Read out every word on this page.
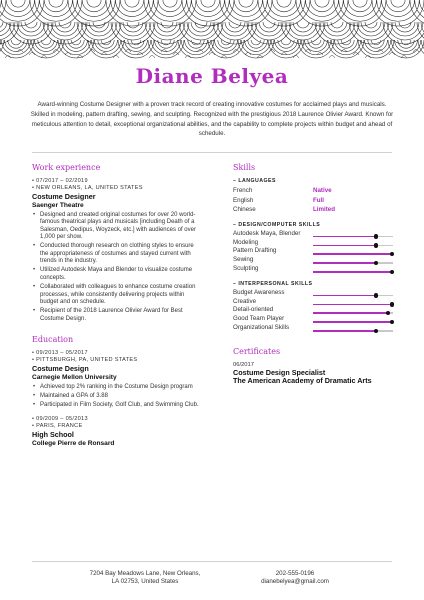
Diane Belyea
Award-winning Costume Designer with a proven track record of creating innovative costumes for acclaimed plays and musicals. Skilled in modeling, pattern drafting, sewing, and sculpting. Recognized with the prestigious 2018 Laurence Olivier Award. Known for meticulous attention to detail, exceptional organizational abilities, and the capability to complete projects within budget and ahead of schedule.
Work experience
• 07/2017 – 02/2019
• NEW ORLEANS, LA, UNITED STATES
Costume Designer
Saenger Theatre
• Designed and created original costumes for over 20 world-famous theatrical plays and musicals [including Death of a Salesman, Oedipus, Woyzeck, etc.] with audiences of over 1,000 per show.
• Conducted thorough research on clothing styles to ensure the appropriateness of costumes and stayed current with trends in the industry.
• Utilized Autodesk Maya and Blender to visualize costume concepts.
• Collaborated with colleagues to enhance costume creation processes, while consistently delivering projects within budget and on schedule.
• Recipient of the 2018 Laurence Olivier Award for Best Costume Design.
Education
• 09/2013 – 05/2017
• PITTSBURGH, PA, UNITED STATES
Costume Design
Carnegie Mellon University
• Achieved top 2% ranking in the Costume Design program
• Maintained a GPA of 3.88
• Participated in Film Society, Golf Club, and Swimming Club.
• 09/2009 – 05/2013
• PARIS, FRANCE
High School
College Pierre de Ronsard
Skills
– LANGUAGES
French	Native
English	Full
Chinese	Limited
– DESIGN/COMPUTER SKILLS
Autodesk Maya, Blender
Modeling
Pattern Drafting
Sewing
Sculpting
– INTERPERSONAL SKILLS
Budget Awareness
Creative
Detail-oriented
Good Team Player
Organizational Skills
Certificates
06/2017
Costume Design Specialist
The American Academy of Dramatic Arts
7204 Bay Meadows Lane, New Orleans,
LA 02753, United States
202-555-0196
dianebelyea@gmail.com
